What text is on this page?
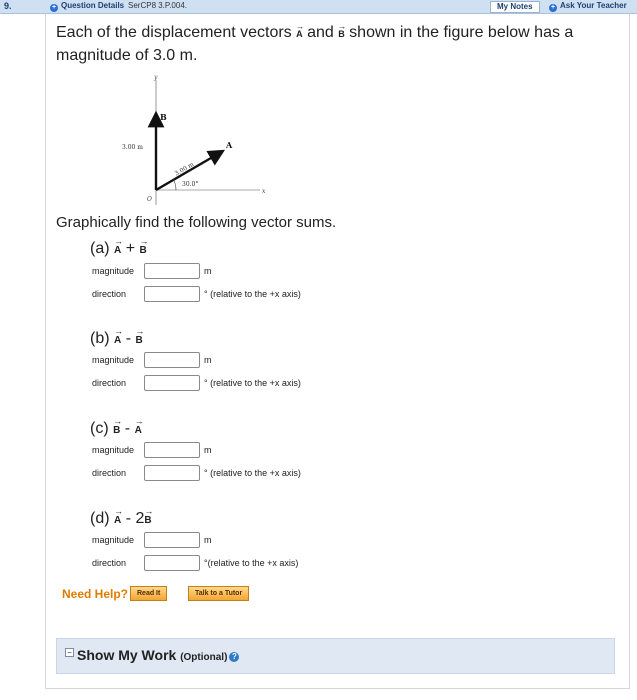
9.	+ Question Details SerCP8 3.P.004.	My Notes	+ Ask Your Teacher
Each of the displacement vectors → A and → B shown in the figure below has a magnitude of 3.0 m.
y
x
O
B
3.00 m	A
3.00 m
30.0°
Graphically find the following vector sums.
(a) → A + → B
magnitude	m
direction	° (relative to the +x axis)
(b) → A - → B
magnitude	m
direction	° (relative to the +x axis)
(c) → B - → A
magnitude	m
direction	° (relative to the +x axis)
(d) → A - 2→ B
magnitude	m
direction	°(relative to the +x axis)
Need Help?	Read It	Talk to a Tutor
− Show My Work (Optional) ?
